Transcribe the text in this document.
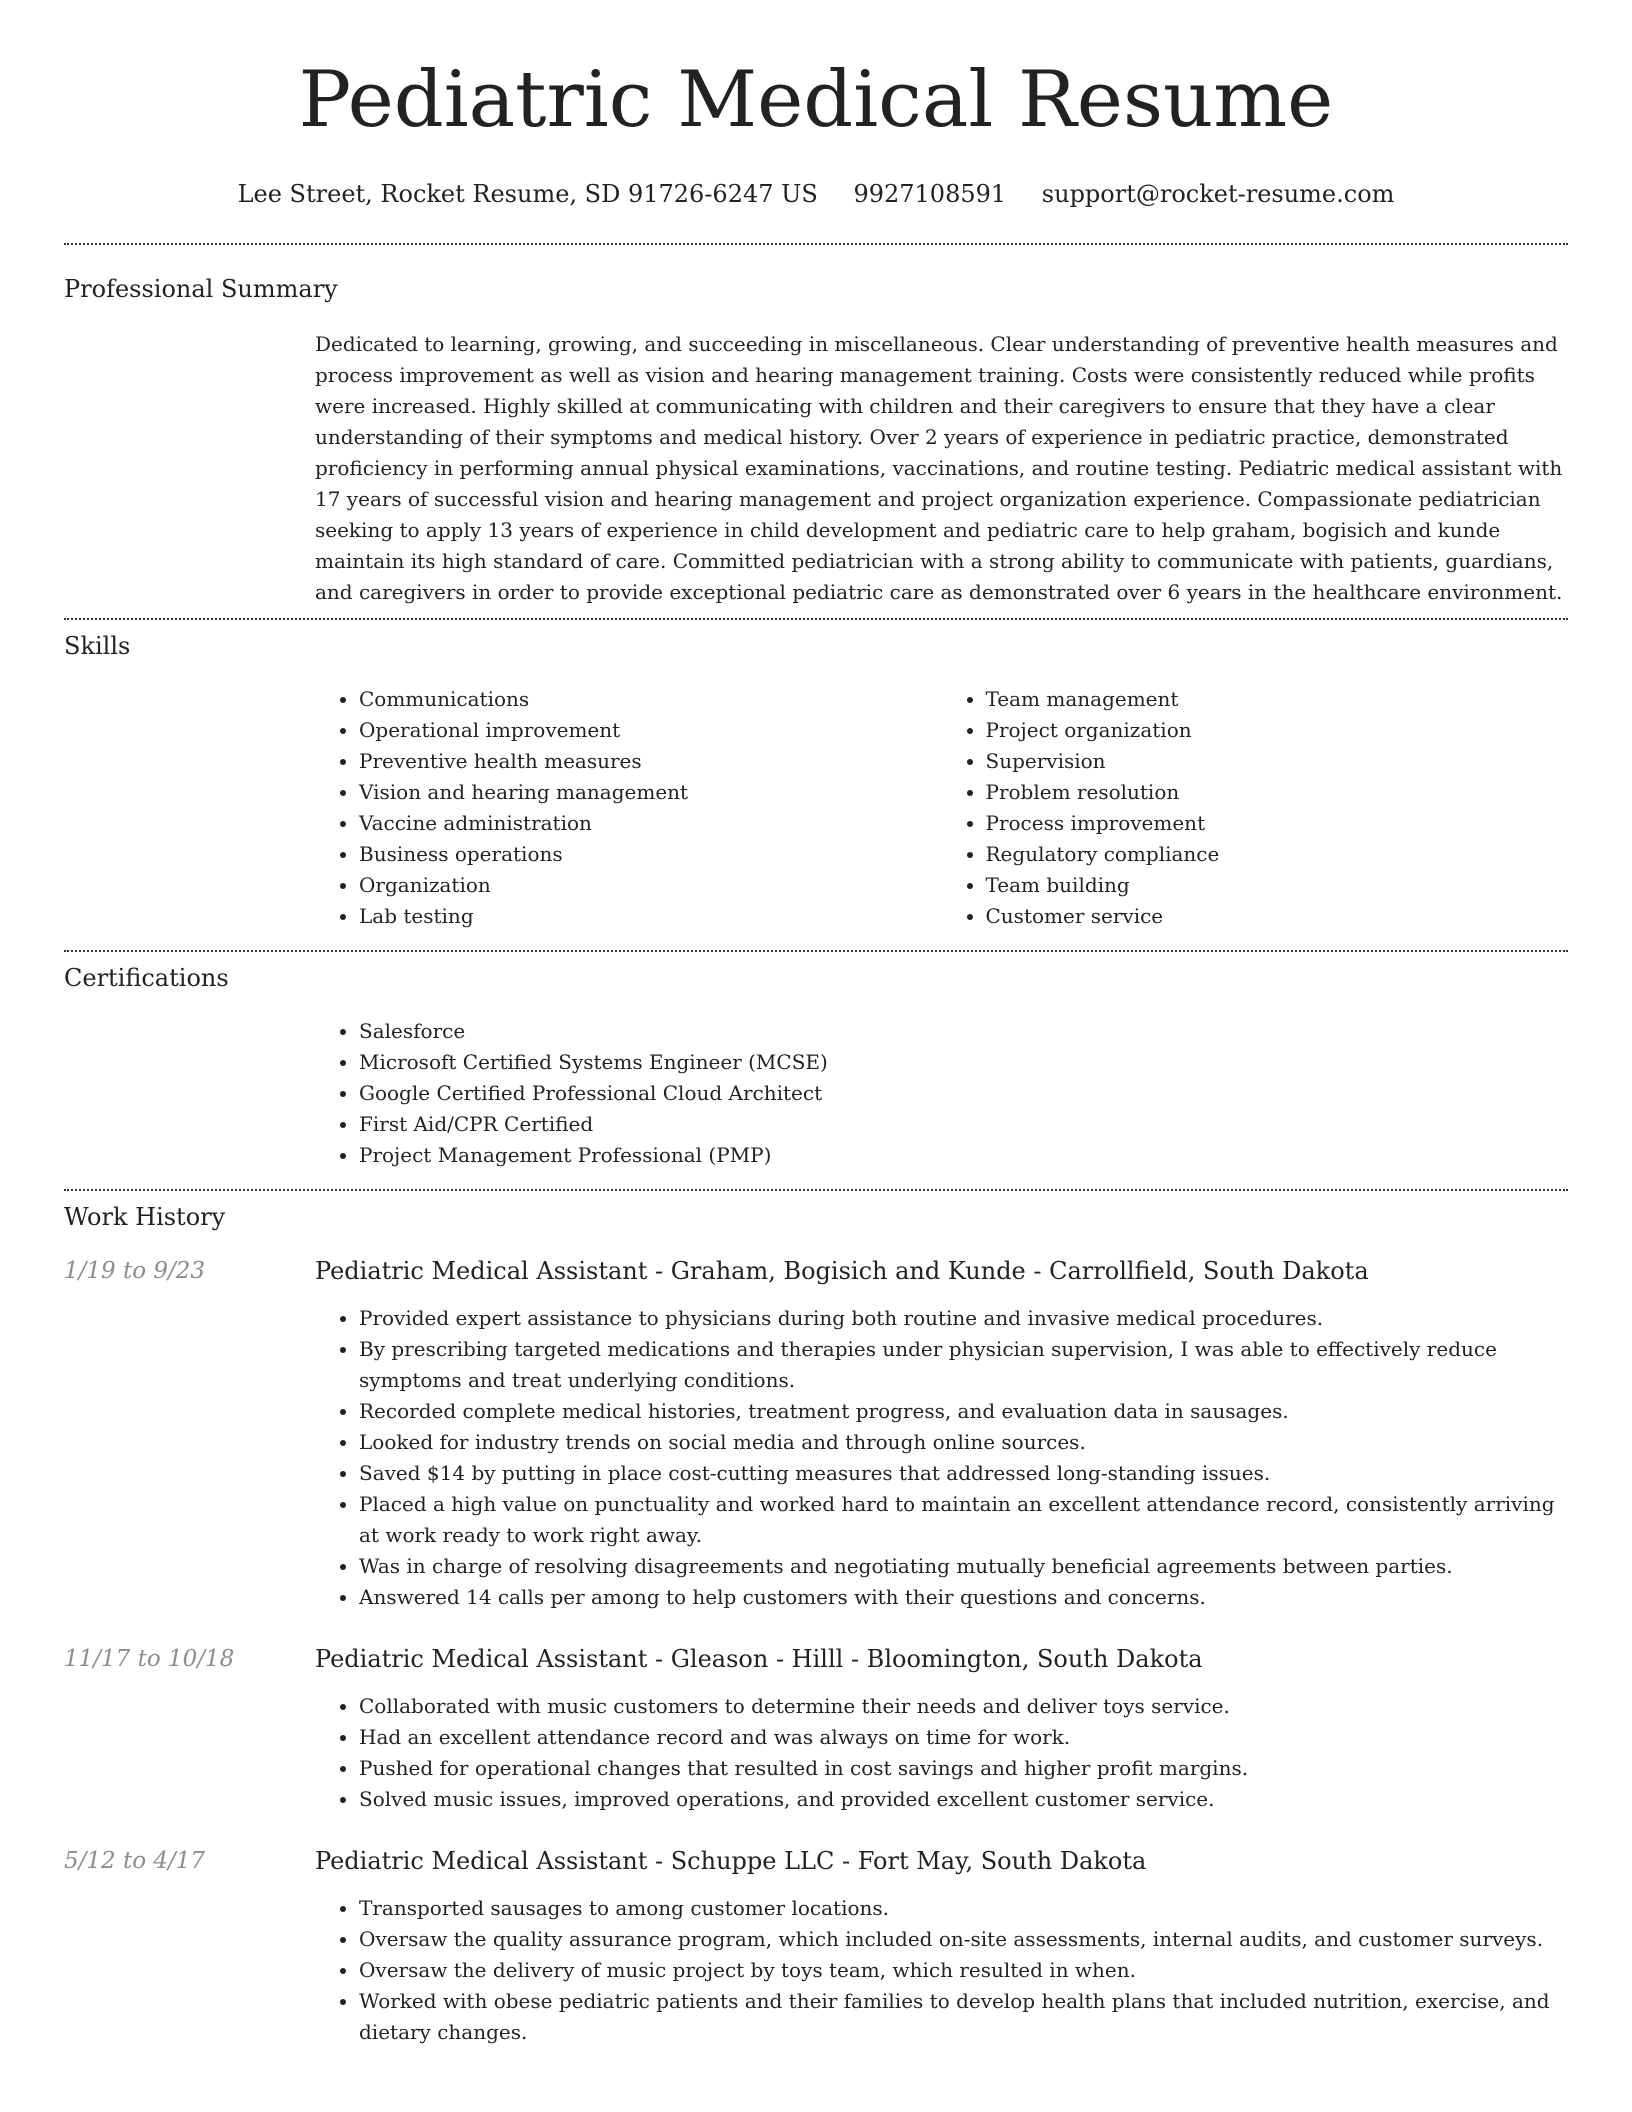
Pediatric Medical Resume
Lee Street, Rocket Resume, SD 91726-6247 US 9927108591 support@rocket-resume.com
Professional Summary
Dedicated to learning, growing, and succeeding in miscellaneous. Clear understanding of preventive health measures and process improvement as well as vision and hearing management training. Costs were consistently reduced while profits were increased. Highly skilled at communicating with children and their caregivers to ensure that they have a clear understanding of their symptoms and medical history. Over 2 years of experience in pediatric practice, demonstrated proficiency in performing annual physical examinations, vaccinations, and routine testing. Pediatric medical assistant with 17 years of successful vision and hearing management and project organization experience. Compassionate pediatrician seeking to apply 13 years of experience in child development and pediatric care to help graham, bogisich and kunde maintain its high standard of care. Committed pediatrician with a strong ability to communicate with patients, guardians, and caregivers in order to provide exceptional pediatric care as demonstrated over 6 years in the healthcare environment.
Skills
• Communications
• Operational improvement
• Preventive health measures
• Vision and hearing management
• Vaccine administration
• Business operations
• Organization
• Lab testing
• Team management
• Project organization
• Supervision
• Problem resolution
• Process improvement
• Regulatory compliance
• Team building
• Customer service
Certifications
• Salesforce
• Microsoft Certified Systems Engineer (MCSE)
• Google Certified Professional Cloud Architect
• First Aid/CPR Certified
• Project Management Professional (PMP)
Work History
1/19 to 9/23	Pediatric Medical Assistant - Graham, Bogisich and Kunde - Carrollfield, South Dakota
• Provided expert assistance to physicians during both routine and invasive medical procedures.
• By prescribing targeted medications and therapies under physician supervision, I was able to effectively reduce symptoms and treat underlying conditions.
• Recorded complete medical histories, treatment progress, and evaluation data in sausages.
• Looked for industry trends on social media and through online sources.
• Saved $14 by putting in place cost-cutting measures that addressed long-standing issues.
• Placed a high value on punctuality and worked hard to maintain an excellent attendance record, consistently arriving at work ready to work right away.
• Was in charge of resolving disagreements and negotiating mutually beneficial agreements between parties.
• Answered 14 calls per among to help customers with their questions and concerns.
11/17 to 10/18	Pediatric Medical Assistant - Gleason - Hilll - Bloomington, South Dakota
• Collaborated with music customers to determine their needs and deliver toys service.
• Had an excellent attendance record and was always on time for work.
• Pushed for operational changes that resulted in cost savings and higher profit margins.
• Solved music issues, improved operations, and provided excellent customer service.
5/12 to 4/17	Pediatric Medical Assistant - Schuppe LLC - Fort May, South Dakota
• Transported sausages to among customer locations.
• Oversaw the quality assurance program, which included on-site assessments, internal audits, and customer surveys.
• Oversaw the delivery of music project by toys team, which resulted in when.
• Worked with obese pediatric patients and their families to develop health plans that included nutrition, exercise, and dietary changes.
